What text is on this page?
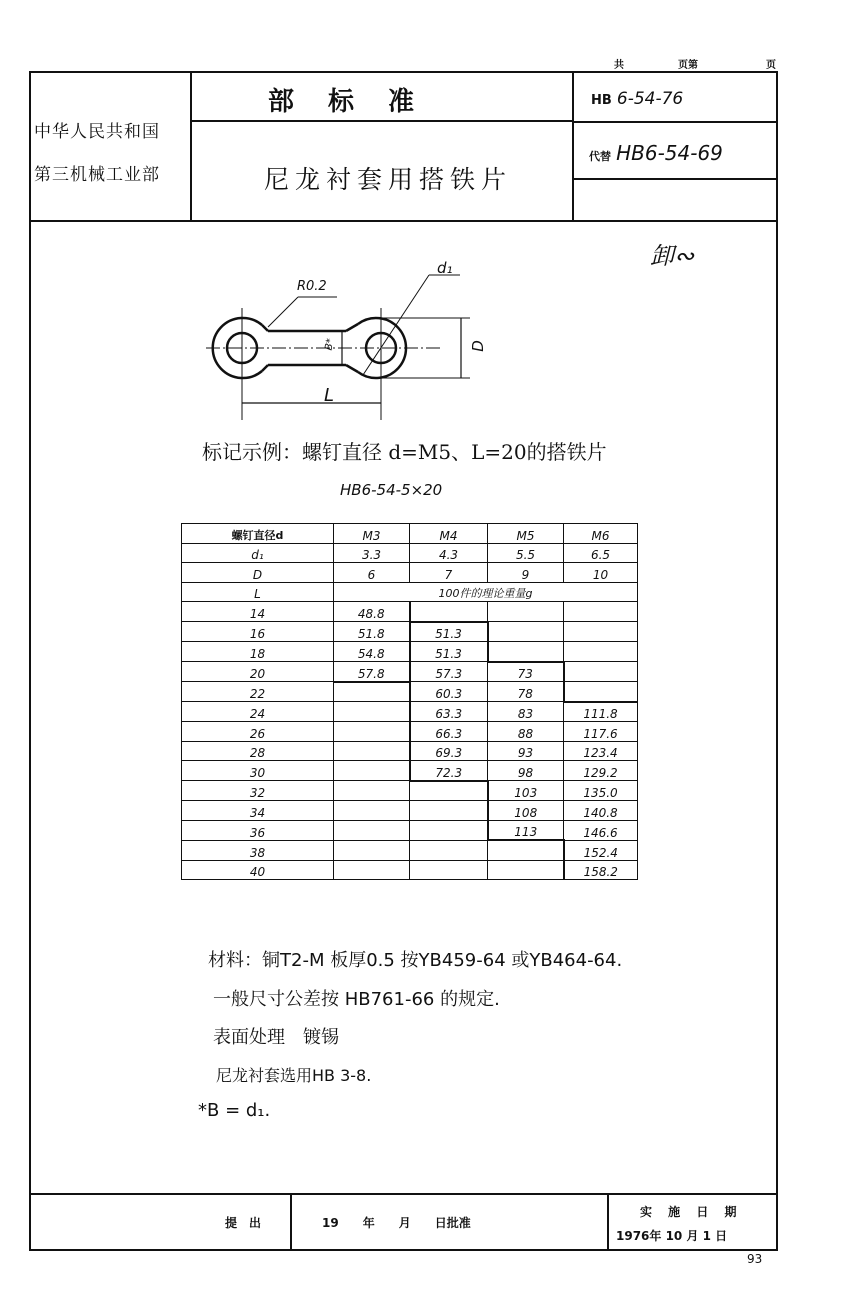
共	页第	页
中华人民共和国
第三机械工业部
部标准
尼龙衬套用搭铁片
HB 6-54-76
代替 HB6-54-69
卸∾
R0.2
d₁
D
L
B*
标记示例：螺钉直径 d=M5、L=20的搭铁片
HB6-54-5×20
螺钉直径d	M3	M4	M5	M6
d₁	3.3	4.3	5.5	6.5
D	6	7	9	10
L	100件的理论重量g			
14	48.8			
16	51.8	51.3		
18	54.8	51.3		
20	57.8	57.3	73	
22		60.3	78	
24		63.3	83	111.8
26		66.3	88	117.6
28		69.3	93	123.4
30		72.3	98	129.2
32			103	135.0
34			108	140.8
36			113	146.6
38				152.4
40				158.2
材料：铜T2-M 板厚0.5 按YB459-64 或YB464-64.
一般尺寸公差按 HB761-66 的规定.
表面处理　镀锡
尼龙衬套选用HB 3-8.
*B = d₁.
提　出	19　　年　　月　　日批准
实 施 日 期
1976年 10 月 1 日
93
